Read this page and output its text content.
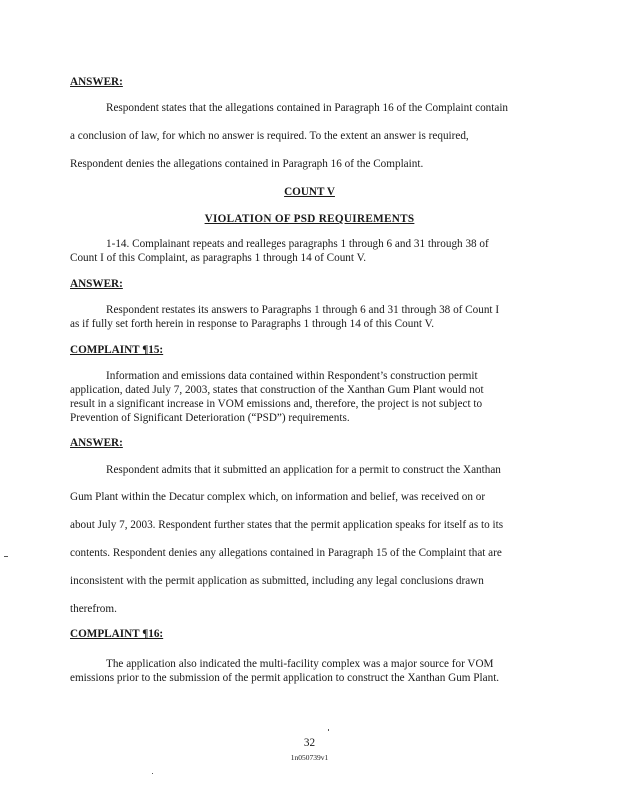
ANSWER:
Respondent states that the allegations contained in Paragraph 16 of the Complaint contain
a conclusion of law, for which no answer is required. To the extent an answer is required,
Respondent denies the allegations contained in Paragraph 16 of the Complaint.
COUNT V
VIOLATION OF PSD REQUIREMENTS
1-14. Complainant repeats and realleges paragraphs 1 through 6 and 31 through 38 of
Count I of this Complaint, as paragraphs 1 through 14 of Count V.
ANSWER:
Respondent restates its answers to Paragraphs 1 through 6 and 31 through 38 of Count I
as if fully set forth herein in response to Paragraphs 1 through 14 of this Count V.
COMPLAINT ¶15:
Information and emissions data contained within Respondent’s construction permit
application, dated July 7, 2003, states that construction of the Xanthan Gum Plant would not
result in a significant increase in VOM emissions and, therefore, the project is not subject to
Prevention of Significant Deterioration (“PSD”) requirements.
ANSWER:
Respondent admits that it submitted an application for a permit to construct the Xanthan
Gum Plant within the Decatur complex which, on information and belief, was received on or
about July 7, 2003. Respondent further states that the permit application speaks for itself as to its
contents. Respondent denies any allegations contained in Paragraph 15 of the Complaint that are
inconsistent with the permit application as submitted, including any legal conclusions drawn
therefrom.
COMPLAINT ¶16:
The application also indicated the multi-facility complex was a major source for VOM
emissions prior to the submission of the permit application to construct the Xanthan Gum Plant.
32
1n050739v1
